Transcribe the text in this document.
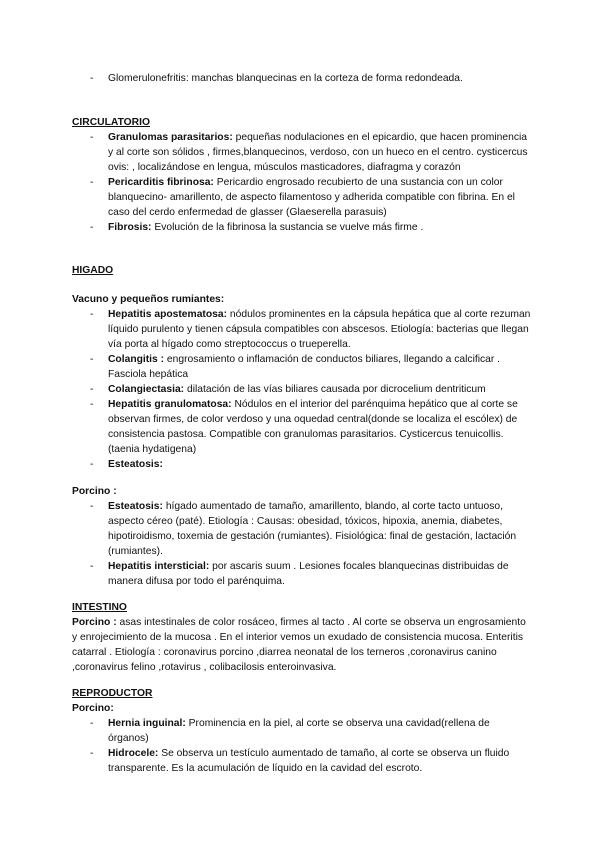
- Glomerulonefritis: manchas blanquecinas en la corteza de forma redondeada.
CIRCULATORIO
- Granulomas parasitarios: pequeñas nodulaciones en el epicardio, que hacen prominencia y al corte son sólidos , firmes,blanquecinos, verdoso, con un hueco en el centro. cysticercus ovis: , localizándose en lengua, músculos masticadores, diafragma y corazón
- Pericarditis fibrinosa: Pericardio engrosado recubierto de una sustancia con un color blanquecino- amarillento, de aspecto filamentoso y adherida compatible con fibrina. En el caso del cerdo enfermedad de glasser (Glaeserella parasuis)
- Fibrosis: Evolución de la fibrinosa la sustancia se vuelve más firme .
HIGADO
Vacuno y pequeños rumiantes:
- Hepatitis apostematosa: nódulos prominentes en la cápsula hepática que al corte rezuman líquido purulento y tienen cápsula compatibles con abscesos. Etiología: bacterias que llegan vía porta al hígado como streptococcus o trueperella.
- Colangitis : engrosamiento o inflamación de conductos biliares, llegando a calcificar . Fasciola hepática
- Colangiectasia: dilatación de las vías biliares causada por dicrocelium dentriticum
- Hepatitis granulomatosa: Nódulos en el interior del parénquima hepático que al corte se observan firmes, de color verdoso y una oquedad central(donde se localiza el escólex) de consistencia pastosa. Compatible con granulomas parasitarios. Cysticercus tenuicollis. (taenia hydatigena)
- Esteatosis:
Porcino :
- Esteatosis: hígado aumentado de tamaño, amarillento, blando, al corte tacto untuoso, aspecto céreo (paté). Etiología : Causas: obesidad, tóxicos, hipoxia, anemia, diabetes, hipotiroidismo, toxemia de gestación (rumiantes). Fisiológica: final de gestación, lactación (rumiantes).
- Hepatitis intersticial: por ascaris suum . Lesiones focales blanquecinas distribuidas de manera difusa por todo el parénquima.
INTESTINO
Porcino : asas intestinales de color rosáceo, firmes al tacto . Al corte se observa un engrosamiento y enrojecimiento de la mucosa . En el interior vemos un exudado de consistencia mucosa. Enteritis catarral . Etiología : coronavirus porcino ,diarrea neonatal de los terneros ,coronavirus canino ,coronavirus felino ,rotavirus , colibacilosis enteroinvasiva.
REPRODUCTOR
Porcino:
- Hernia inguinal: Prominencia en la piel, al corte se observa una cavidad(rellena de órganos)
- Hidrocele: Se observa un testículo aumentado de tamaño, al corte se observa un fluido transparente. Es la acumulación de líquido en la cavidad del escroto.
